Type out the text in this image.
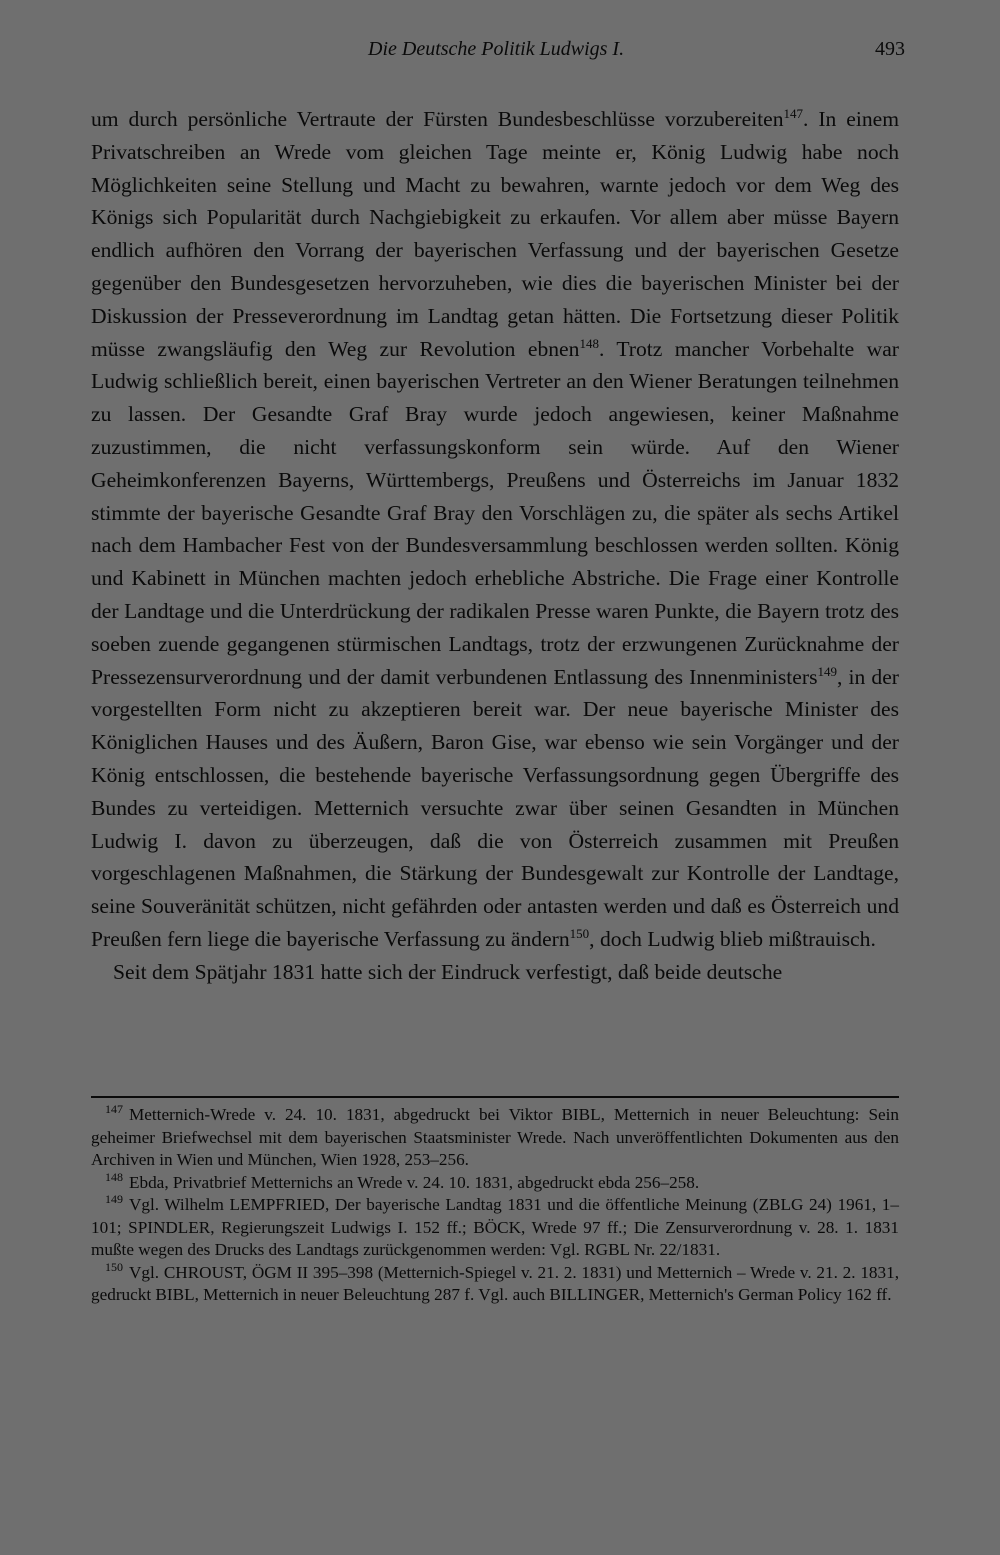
Die Deutsche Politik Ludwigs I.	493

um durch persönliche Vertraute der Fürsten Bundesbeschlüsse vorzubereiten$^{147}$. In einem Privatschreiben an Wrede vom gleichen Tage meinte er, König Ludwig habe noch Möglichkeiten seine Stellung und Macht zu bewahren, warnte jedoch vor dem Weg des Königs sich Popularität durch Nachgiebigkeit zu erkaufen. Vor allem aber müsse Bayern endlich aufhören den Vorrang der bayerischen Verfassung und der bayerischen Gesetze gegenüber den Bundesgesetzen hervorzuheben, wie dies die bayerischen Minister bei der Diskussion der Presseverordnung im Landtag getan hätten. Die Fortsetzung dieser Politik müsse zwangsläufig den Weg zur Revolution ebnen$^{148}$. Trotz mancher Vorbehalte war Ludwig schließlich bereit, einen bayerischen Vertreter an den Wiener Beratungen teilnehmen zu lassen. Der Gesandte Graf Bray wurde jedoch angewiesen, keiner Maßnahme zuzustimmen, die nicht verfassungskonform sein würde. Auf den Wiener Geheimkonferenzen Bayerns, Württembergs, Preußens und Österreichs im Januar 1832 stimmte der bayerische Gesandte Graf Bray den Vorschlägen zu, die später als sechs Artikel nach dem Hambacher Fest von der Bundesversammlung beschlossen werden sollten. König und Kabinett in München machten jedoch erhebliche Abstriche. Die Frage einer Kontrolle der Landtage und die Unterdrückung der radikalen Presse waren Punkte, die Bayern trotz des soeben zuende gegangenen stürmischen Landtags, trotz der erzwungenen Zurücknahme der Pressezensurverordnung und der damit verbundenen Entlassung des Innenministers$^{149}$, in der vorgestellten Form nicht zu akzeptieren bereit war. Der neue bayerische Minister des Königlichen Hauses und des Äußern, Baron Gise, war ebenso wie sein Vorgänger und der König entschlossen, die bestehende bayerische Verfassungsordnung gegen Übergriffe des Bundes zu verteidigen. Metternich versuchte zwar über seinen Gesandten in München Ludwig I. davon zu überzeugen, daß die von Österreich zusammen mit Preußen vorgeschlagenen Maßnahmen, die Stärkung der Bundesgewalt zur Kontrolle der Landtage, seine Souveränität schützen, nicht gefährden oder antasten werden und daß es Österreich und Preußen fern liege die bayerische Verfassung zu ändern$^{150}$, doch Ludwig blieb mißtrauisch.

Seit dem Spätjahr 1831 hatte sich der Eindruck verfestigt, daß beide deutsche

$^{147}$ Metternich-Wrede v. 24. 10. 1831, abgedruckt bei Viktor BIBL, Metternich in neuer Beleuchtung: Sein geheimer Briefwechsel mit dem bayerischen Staatsminister Wrede. Nach unveröffentlichten Dokumenten aus den Archiven in Wien und München, Wien 1928, 253–256.

$^{148}$ Ebda, Privatbrief Metternichs an Wrede v. 24. 10. 1831, abgedruckt ebda 256–258.

$^{149}$ Vgl. Wilhelm LEMPFRIED, Der bayerische Landtag 1831 und die öffentliche Meinung (ZBLG 24) 1961, 1–101; SPINDLER, Regierungszeit Ludwigs I. 152 ff.; BÖCK, Wrede 97 ff.; Die Zensurverordnung v. 28. 1. 1831 mußte wegen des Drucks des Landtags zurückgenommen werden: Vgl. RGBL Nr. 22/1831.

$^{150}$ Vgl. CHROUST, ÖGM II 395–398 (Metternich-Spiegel v. 21. 2. 1831) und Metternich – Wrede v. 21. 2. 1831, gedruckt BIBL, Metternich in neuer Beleuchtung 287 f. Vgl. auch BILLINGER, Metternich's German Policy 162 ff.
